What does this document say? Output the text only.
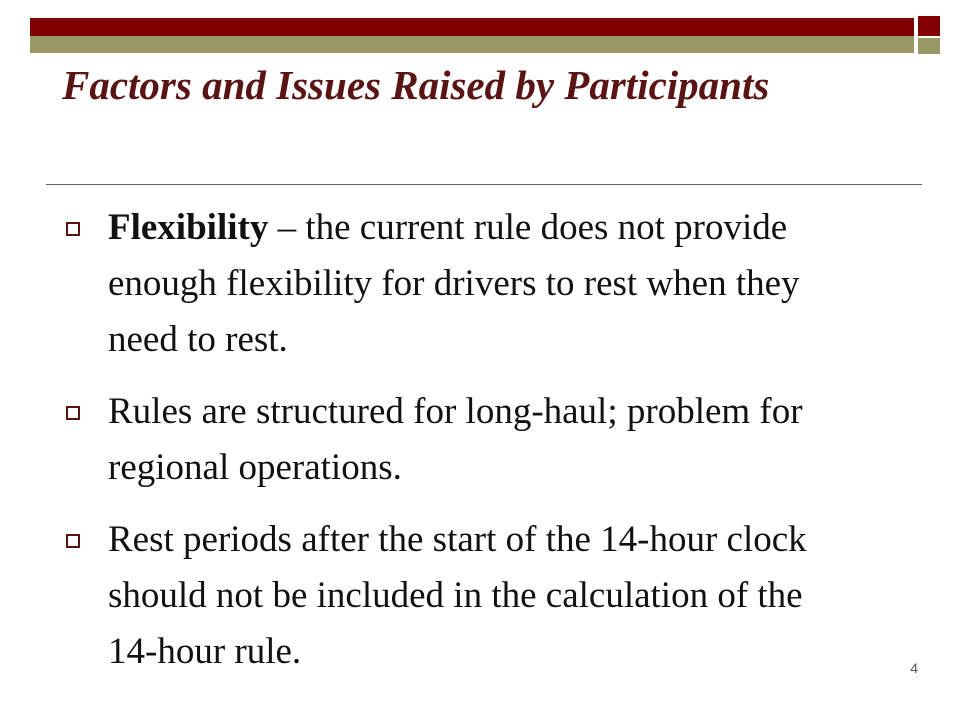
Factors and Issues Raised by Participants
Flexibility – the current rule does not provide enough flexibility for drivers to rest when they need to rest.
Rules are structured for long-haul; problem for regional operations.
Rest periods after the start of the 14-hour clock should not be included in the calculation of the 14-hour rule.	4
